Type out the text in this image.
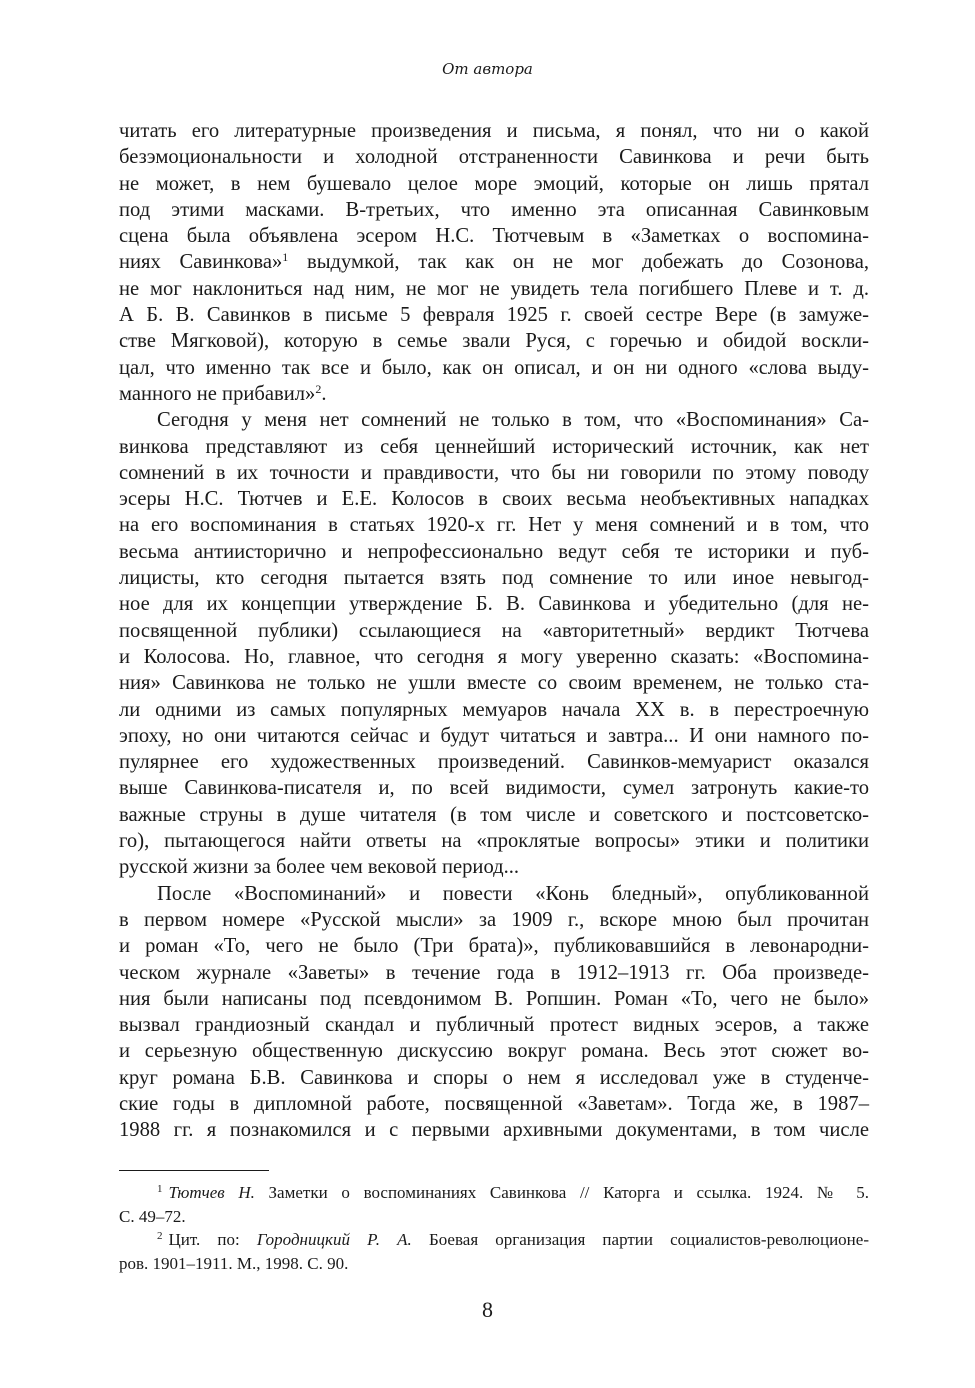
От автора
читать его литературные произведения и письма, я понял, что ни о какой
безэмоциональности и холодной отстраненности Савинкова и речи быть
не может, в нем бушевало целое море эмоций, которые он лишь прятал
под этими масками. В-третьих, что именно эта описанная Савинковым
сцена была объявлена эсером Н.С. Тютчевым в «Заметках о воспомина-
ниях Савинкова»$^1$ выдумкой, так как он не мог добежать до Созонова,
не мог наклониться над ним, не мог не увидеть тела погибшего Плеве и т. д.
А Б. В. Савинков в письме 5 февраля 1925 г. своей сестре Вере (в замуже-
стве Мягковой), которую в семье звали Руся, с горечью и обидой воскли-
цал, что именно так все и было, как он описал, и он ни одного «слова выду-
манного не прибавил»$^2$.
Сегодня у меня нет сомнений не только в том, что «Воспоминания» Са-
винкова представляют из себя ценнейший исторический источник, как нет
сомнений в их точности и правдивости, что бы ни говорили по этому поводу
эсеры Н.С. Тютчев и Е.Е. Колосов в своих весьма необъективных нападках
на его воспоминания в статьях 1920-х гг. Нет у меня сомнений и в том, что
весьма антиисторично и непрофессионально ведут себя те историки и пуб-
лицисты, кто сегодня пытается взять под сомнение то или иное невыгод-
ное для их концепции утверждение Б. В. Савинкова и убедительно (для не-
посвященной публики) ссылающиеся на «авторитетный» вердикт Тютчева
и Колосова. Но, главное, что сегодня я могу уверенно сказать: «Воспомина-
ния» Савинкова не только не ушли вместе со своим временем, не только ста-
ли одними из самых популярных мемуаров начала XX в. в перестроечную
эпоху, но они читаются сейчас и будут читаться и завтра... И они намного по-
пулярнее его художественных произведений. Савинков-мемуарист оказался
выше Савинкова-писателя и, по всей видимости, сумел затронуть какие-то
важные струны в душе читателя (в том числе и советского и постсоветско-
го), пытающегося найти ответы на «проклятые вопросы» этики и политики
русской жизни за более чем вековой период...
После «Воспоминаний» и повести «Конь бледный», опубликованной
в первом номере «Русской мысли» за 1909 г., вскоре мною был прочитан
и роман «То, чего не было (Три брата)», публиковавшийся в левонародни-
ческом журнале «Заветы» в течение года в 1912–1913 гг. Оба произведе-
ния были написаны под псевдонимом В. Ропшин. Роман «То, чего не было»
вызвал грандиозный скандал и публичный протест видных эсеров, а также
и серьезную общественную дискуссию вокруг романа. Весь этот сюжет во-
круг романа Б.В. Савинкова и споры о нем я исследовал уже в студенче-
ские годы в дипломной работе, посвященной «Заветам». Тогда же, в 1987–
1988 гг. я познакомился и с первыми архивными документами, в том числе
$^1$ Тютчев Н. Заметки о воспоминаниях Савинкова // Каторга и ссылка. 1924. № 5.
С. 49–72.
$^2$ Цит. по: Городницкий Р. А. Боевая организация партии социалистов-революционе-
ров. 1901–1911. М., 1998. С. 90.
8
